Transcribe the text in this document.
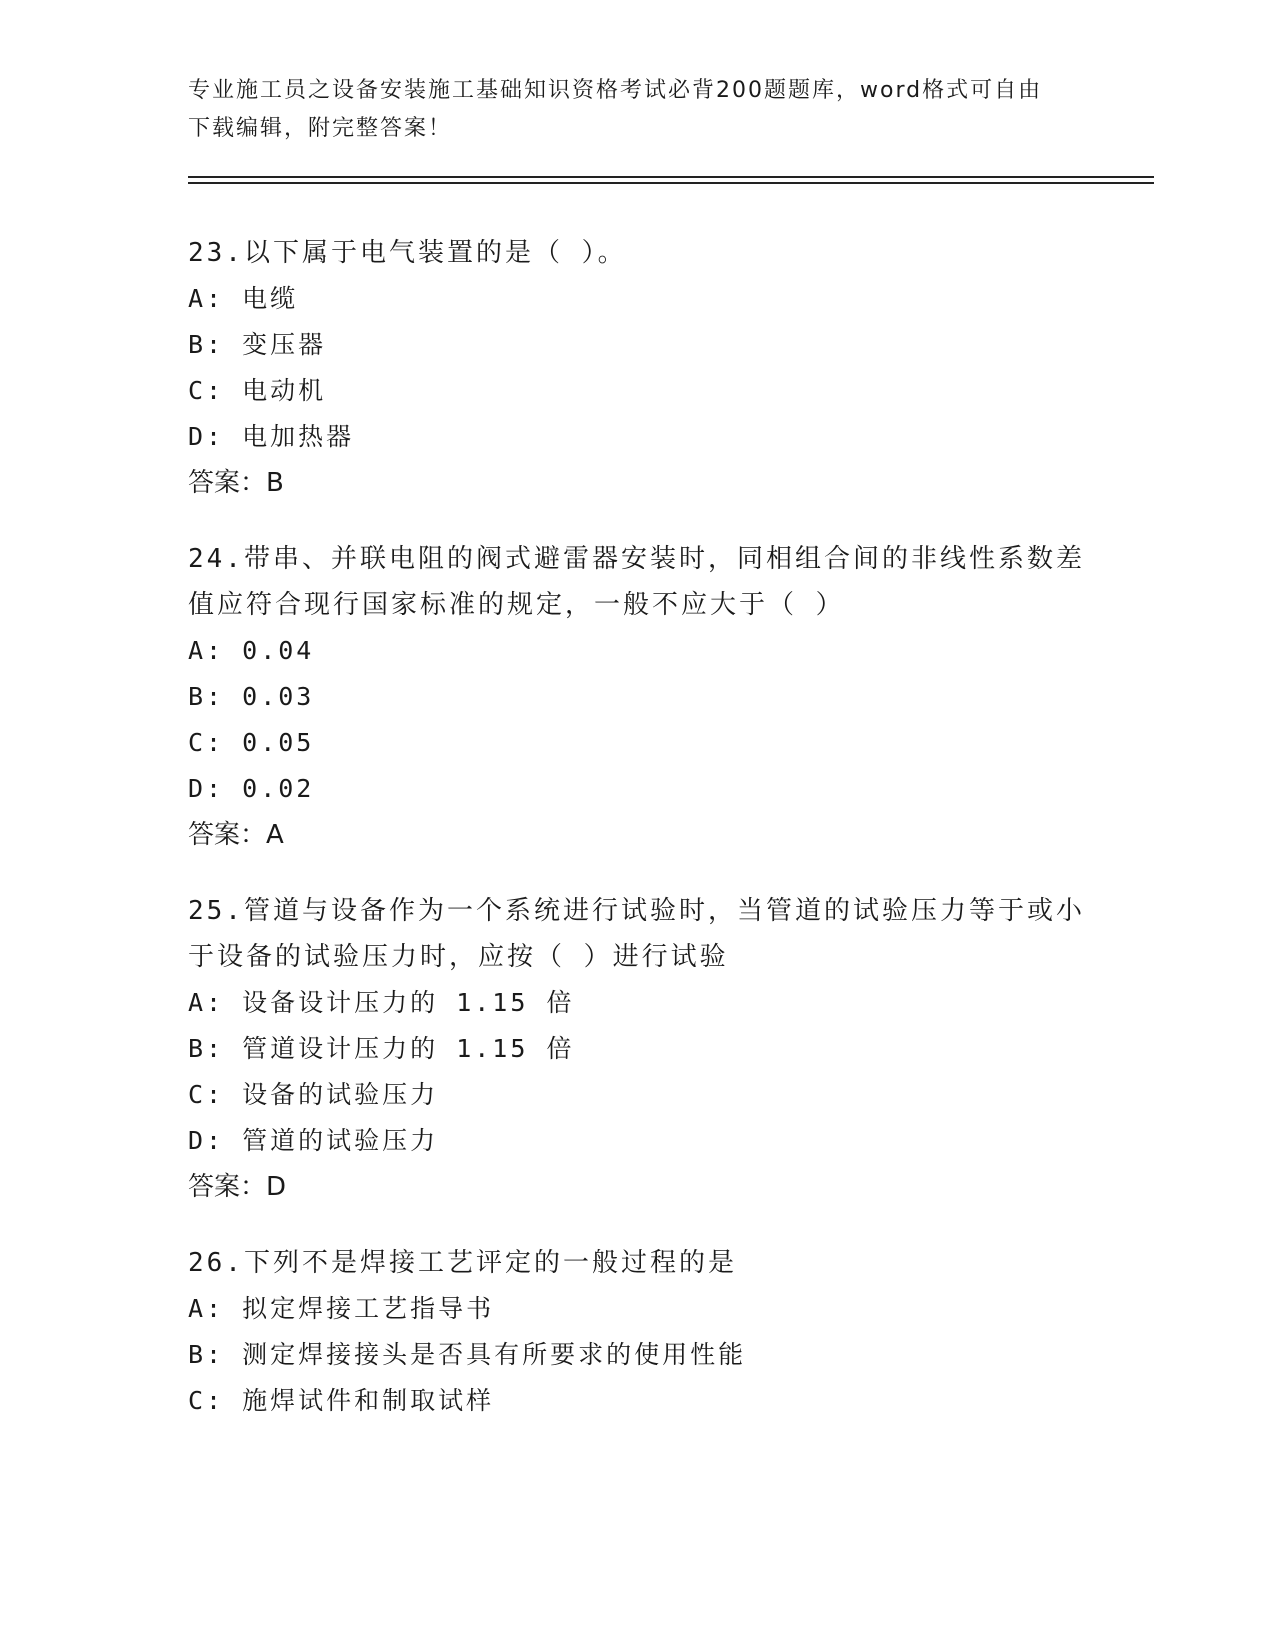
专业施工员之设备安装施工基础知识资格考试必背200题题库，word格式可自由
下载编辑，附完整答案！

23.以下属于电气装置的是（ ）。

A: 电缆

B: 变压器

C: 电动机

D: 电加热器

答案：B

24.带串、并联电阻的阀式避雷器安装时，同相组合间的非线性系数差

值应符合现行国家标准的规定，一般不应大于（ ）

A: 0.04

B: 0.03

C: 0.05

D: 0.02

答案：A

25.管道与设备作为一个系统进行试验时，当管道的试验压力等于或小

于设备的试验压力时，应按（ ）进行试验

A: 设备设计压力的 1.15 倍

B: 管道设计压力的 1.15 倍

C: 设备的试验压力

D: 管道的试验压力

答案：D

26.下列不是焊接工艺评定的一般过程的是

A: 拟定焊接工艺指导书

B: 测定焊接接头是否具有所要求的使用性能

C: 施焊试件和制取试样
